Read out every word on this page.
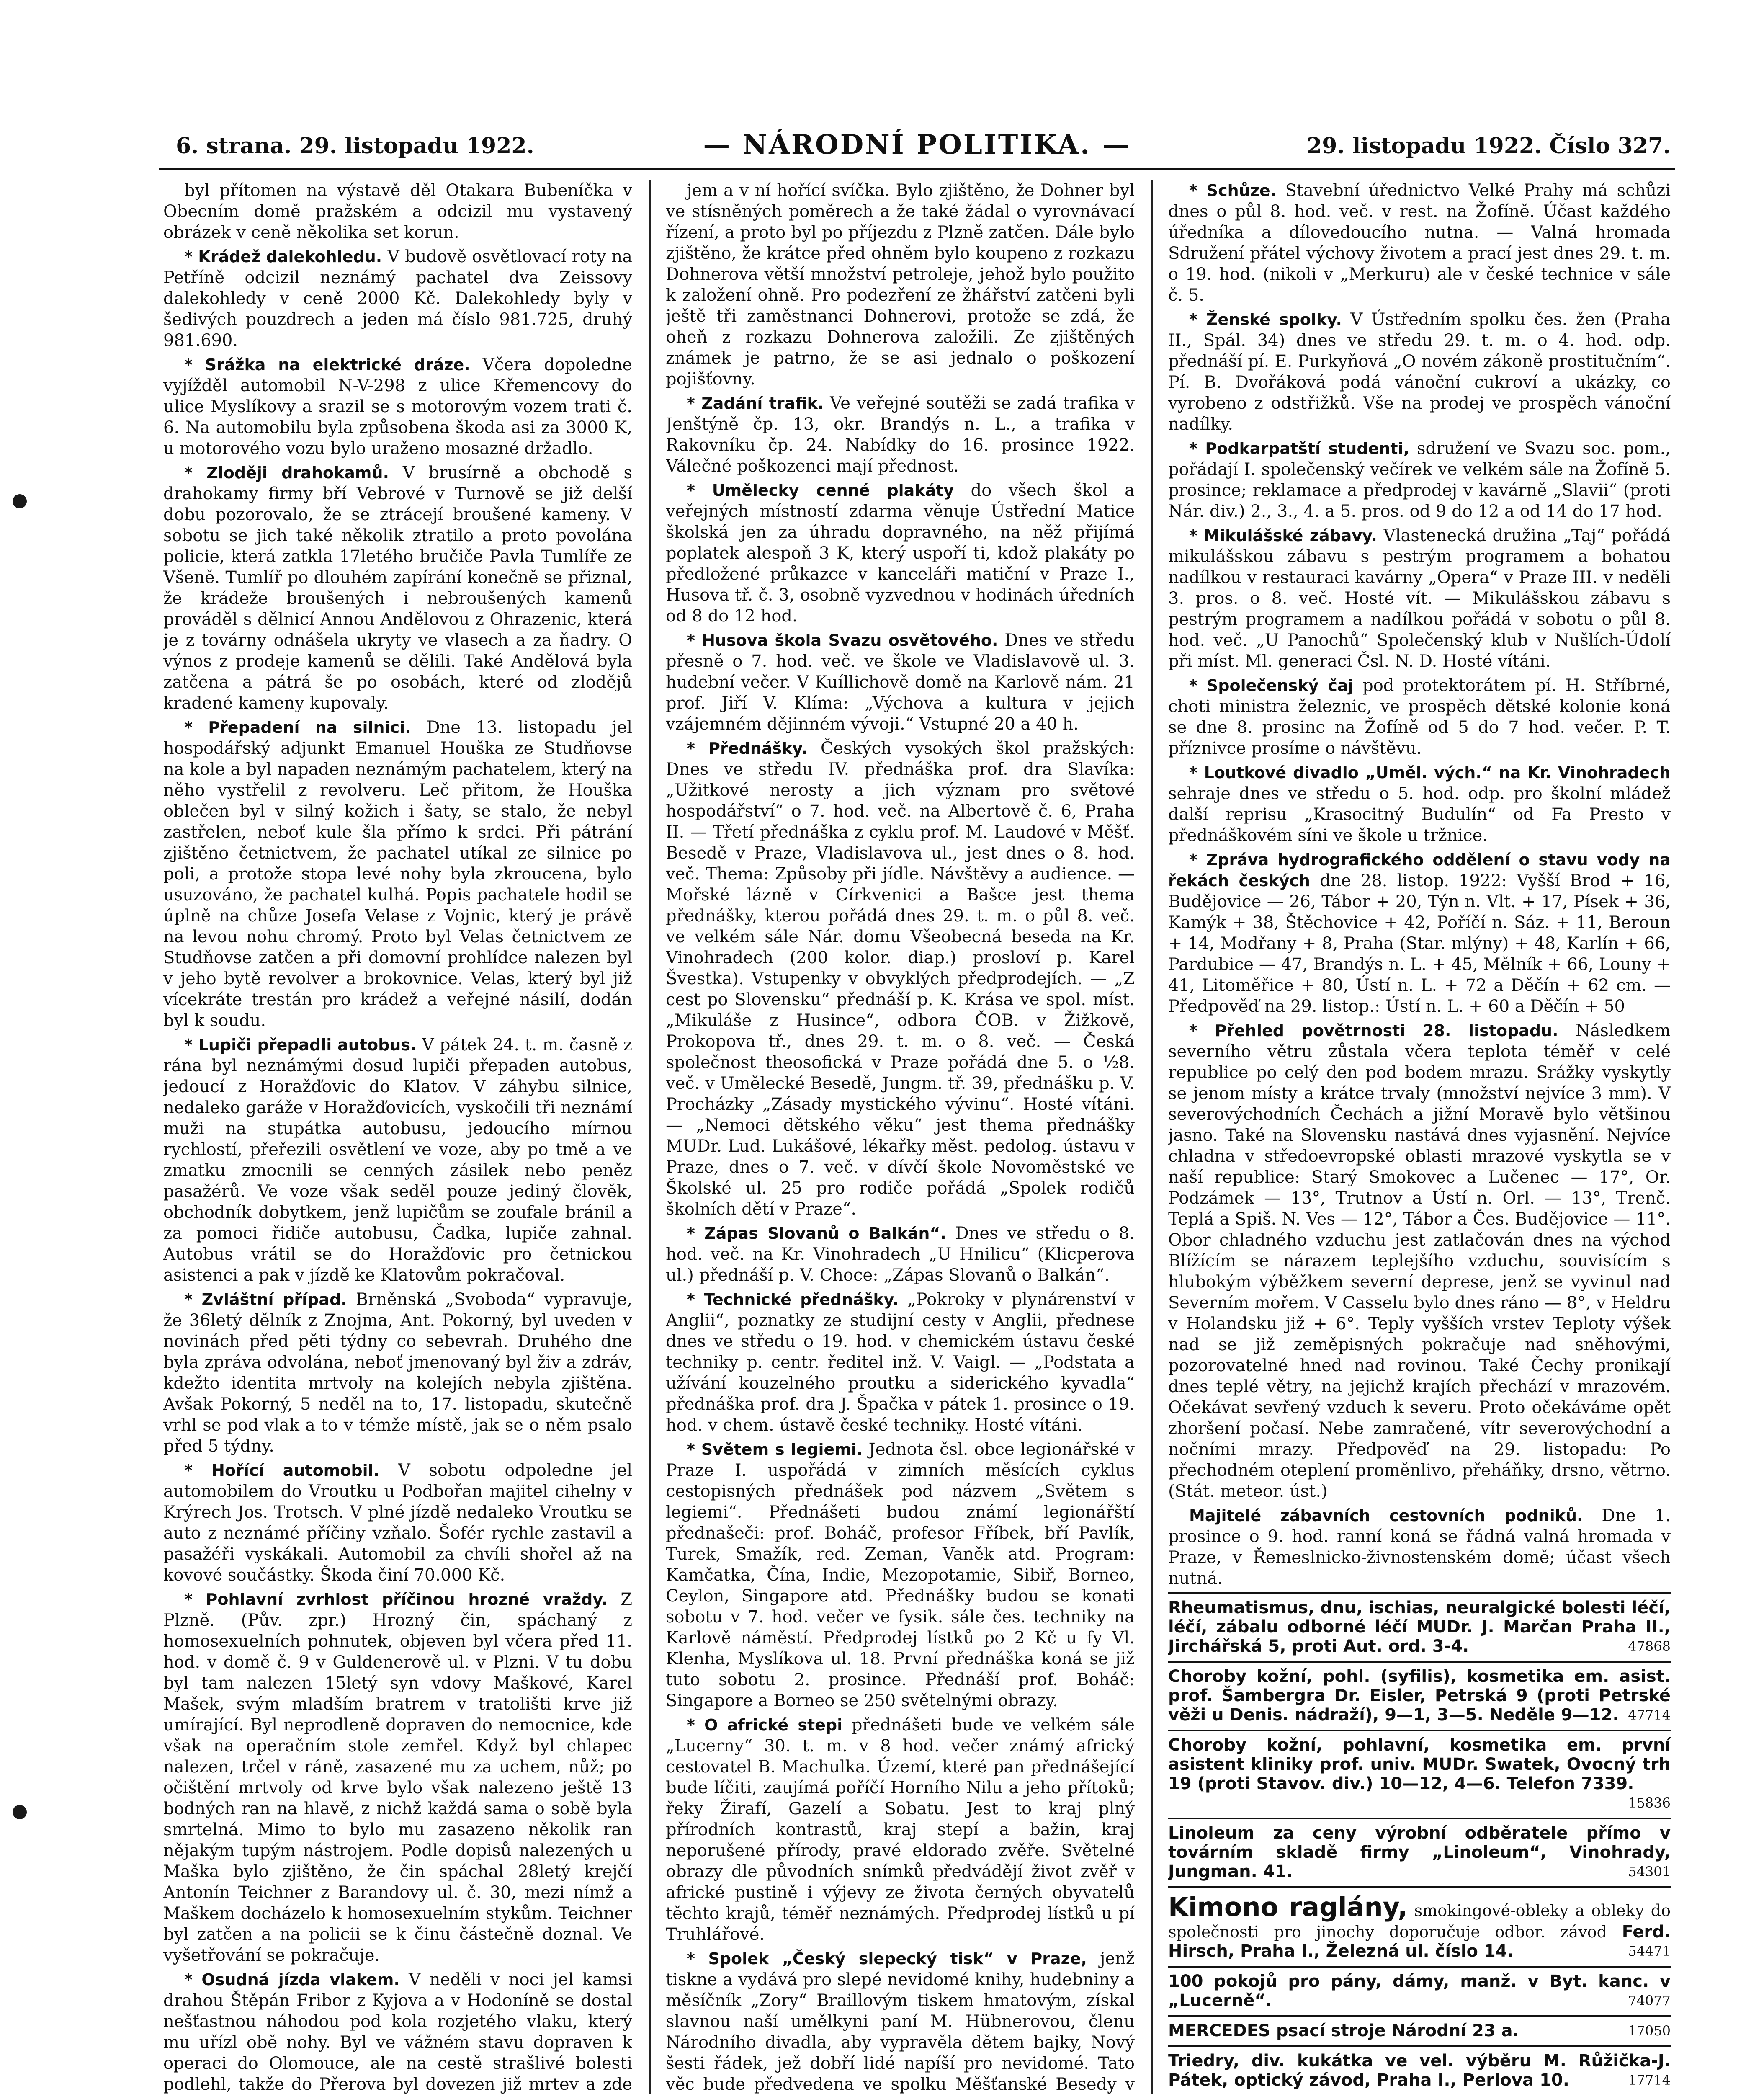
6. strana. 29. listopadu 1922.	— NÁRODNÍ POLITIKA. —	29. listopadu 1922. Číslo 327.

byl přítomen na výstavě děl Otakara Bubeníčka v Obecním domě pražském a odcizil mu vystavený obrázek v ceně několika set korun.

* Krádež dalekohledu. V budově osvětlovací roty na Petříně odcizil neznámý pachatel dva Zeissovy dalekohledy v ceně 2000 Kč. Dalekohledy byly v šedivých pouzdrech a jeden má číslo 981.725, druhý 981.690.

* Srážka na elektrické dráze. Včera dopoledne vyjížděl automobil N-V-298 z ulice Křemencovy do ulice Myslíkovy a srazil se s motorovým vozem trati č. 6. Na automobilu byla způsobena škoda asi za 3000 K, u motorového vozu bylo uraženo mosazné držadlo.

* Zloději drahokamů. V brusírně a obchodě s drahokamy firmy bří Vebrové v Turnově se již delší dobu pozorovalo, že se ztrácejí broušené kameny. V sobotu se jich také několik ztratilo a proto povolána policie, která zatkla 17letého bručiče Pavla Tumlíře ze Všeně. Tumlíř po dlouhém zapírání konečně se přiznal, že krádeže broušených i nebroušených kamenů prováděl s dělnicí Annou Andělovou z Ohrazenic, která je z továrny odnášela ukryty ve vlasech a za ňadry. O výnos z prodeje kamenů se dělili. Také Andělová byla zatčena a pátrá še po osobách, které od zlodějů kradené kameny kupovaly.

* Přepadení na silnici. Dne 13. listopadu jel hospodářský adjunkt Emanuel Houška ze Studňovse na kole a byl napaden neznámým pachatelem, který na něho vystřelil z revolveru. Leč přitom, že Houška oblečen byl v silný kožich i šaty, se stalo, že nebyl zastřelen, neboť kule šla přímo k srdci. Při pátrání zjištěno četnictvem, že pachatel utíkal ze silnice po poli, a protože stopa levé nohy byla zkroucena, bylo usuzováno, že pachatel kulhá. Popis pachatele hodil se úplně na chůze Josefa Velase z Vojnic, který je právě na levou nohu chromý. Proto byl Velas četnictvem ze Studňovse zatčen a při domovní prohlídce nalezen byl v jeho bytě revolver a brokovnice. Velas, který byl již vícekráte trestán pro krádež a veřejné násilí, dodán byl k soudu.

* Lupiči přepadli autobus. V pátek 24. t. m. časně z rána byl neznámými dosud lupiči přepaden autobus, jedoucí z Horažďovic do Klatov. V záhybu silnice, nedaleko garáže v Horažďovicích, vyskočili tři neznámí muži na stupátka autobusu, jedoucího mírnou rychlostí, přeřezili osvětlení ve voze, aby po tmě a ve zmatku zmocnili se cenných zásilek nebo peněz pasažérů. Ve voze však seděl pouze jediný člověk, obchodník dobytkem, jenž lupičům se zoufale bránil a za pomoci řidiče autobusu, Čadka, lupiče zahnal. Autobus vrátil se do Horažďovic pro četnickou asistenci a pak v jízdě ke Klatovům pokračoval.

* Zvláštní případ. Brněnská „Svoboda“ vypravuje, že 36letý dělník z Znojma, Ant. Pokorný, byl uveden v novinách před pěti týdny co sebevrah. Druhého dne byla zpráva odvolána, neboť jmenovaný byl živ a zdráv, kdežto identita mrtvoly na kolejích nebyla zjištěna. Avšak Pokorný, 5 neděl na to, 17. listopadu, skutečně vrhl se pod vlak a to v témže místě, jak se o něm psalo před 5 týdny.

* Hořící automobil. V sobotu odpoledne jel automobilem do Vroutku u Podbořan majitel cihelny v Krýrech Jos. Trotsch. V plné jízdě nedaleko Vroutku se auto z neznámé příčiny vzňalo. Šofér rychle zastavil a pasažéři vyskákali. Automobil za chvíli shořel až na kovové součástky. Škoda činí 70.000 Kč.

* Pohlavní zvrhlost příčinou hrozné vraždy. Z Plzně. (Pův. zpr.) Hrozný čin, spáchaný z homosexuelních pohnutek, objeven byl včera před 11. hod. v domě č. 9 v Guldenerově ul. v Plzni. V tu dobu byl tam nalezen 15letý syn vdovy Maškové, Karel Mašek, svým mladším bratrem v tratolišti krve již umírající. Byl neprodleně dopraven do nemocnice, kde však na operačním stole zemřel. Když byl chlapec nalezen, trčel v ráně, zasazené mu za uchem, nůž; po očištění mrtvoly od krve bylo však nalezeno ještě 13 bodných ran na hlavě, z nichž každá sama o sobě byla smrtelná. Mimo to bylo mu zasazeno několik ran nějakým tupým nástrojem. Podle dopisů nalezených u Maška bylo zjištěno, že čin spáchal 28letý krejčí Antonín Teichner z Barandovy ul. č. 30, mezi nímž a Maškem docházelo k homosexuelním stykům. Teichner byl zatčen a na policii se k činu částečně doznal. Ve vyšetřování se pokračuje.

* Osudná jízda vlakem. V neděli v noci jel kamsi drahou Štěpán Fribor z Kyjova a v Hodoníně se dostal nešťastnou náhodou pod kola rozjetého vlaku, který mu uřízl obě nohy. Byl ve vážném stavu dopraven k operaci do Olomouce, ale na cestě strašlivé bolesti podlehl, takže do Přerova byl dovezen již mrtev a zde

jem a v ní hořící svíčka. Bylo zjištěno, že Dohner byl ve stísněných poměrech a že také žádal o vyrovnávací řízení, a proto byl po příjezdu z Plzně zatčen. Dále bylo zjištěno, že krátce před ohněm bylo koupeno z rozkazu Dohnerova větší množství petroleje, jehož bylo použito k založení ohně. Pro podezření ze žhářství zatčeni byli ještě tři zaměstnanci Dohnerovi, protože se zdá, že oheň z rozkazu Dohnerova založili. Ze zjištěných známek je patrno, že se asi jednalo o poškození pojišťovny.

* Zadání trafik. Ve veřejné soutěži se zadá trafika v Jenštýně čp. 13, okr. Brandýs n. L., a trafika v Rakovníku čp. 24. Nabídky do 16. prosince 1922. Válečné poškozenci mají přednost.

* Umělecky cenné plakáty do všech škol a veřejných místností zdarma věnuje Ústřední Matice školská jen za úhradu dopravného, na něž přijímá poplatek alespoň 3 K, který uspoří ti, kdož plakáty po předložené průkazce v kanceláři matiční v Praze I., Husova tř. č. 3, osobně vyzvednou v hodinách úředních od 8 do 12 hod.

* Husova škola Svazu osvětového. Dnes ve středu přesně o 7. hod. več. ve škole ve Vladislavově ul. 3. hudební večer. V Kuíllichově domě na Karlově nám. 21 prof. Jiří V. Klíma: „Výchova a kultura v jejich vzájemném dějinném vývoji.“ Vstupné 20 a 40 h.

* Přednášky. Českých vysokých škol pražských: Dnes ve středu IV. přednáška prof. dra Slavíka: „Užitkové nerosty a jich význam pro světové hospodářství“ o 7. hod. več. na Albertově č. 6, Praha II. — Třetí přednáška z cyklu prof. M. Laudové v Měšť. Besedě v Praze, Vladislavova ul., jest dnes o 8. hod. več. Thema: Způsoby při jídle. Návštěvy a audience. — Mořské lázně v Církvenici a Bašce jest thema přednášky, kterou pořádá dnes 29. t. m. o půl 8. več. ve velkém sále Nár. domu Všeobecná beseda na Kr. Vinohradech (200 kolor. diap.) prosloví p. Karel Švestka). Vstupenky v obvyklých předprodejích. — „Z cest po Slovensku“ přednáší p. K. Krása ve spol. míst. „Mikuláše z Husince“, odbora ČOB. v Žižkově, Prokopova tř., dnes 29. t. m. o 8. več. — Česká společnost theosofická v Praze pořádá dne 5. o ½8. več. v Umělecké Besedě, Jungm. tř. 39, přednášku p. V. Procházky „Zásady mystického vývinu“. Hosté vítáni. — „Nemoci dětského věku“ jest thema přednášky MUDr. Lud. Lukášové, lékařky měst. pedolog. ústavu v Praze, dnes o 7. več. v dívčí škole Novoměstské ve Školské ul. 25 pro rodiče pořádá „Spolek rodičů školních dětí v Praze“.

* Zápas Slovanů o Balkán“. Dnes ve středu o 8. hod. več. na Kr. Vinohradech „U Hnilicu“ (Klicperova ul.) přednáší p. V. Choce: „Zápas Slovanů o Balkán“.

* Technické přednášky. „Pokroky v plynárenství v Anglii“, poznatky ze studijní cesty v Anglii, přednese dnes ve středu o 19. hod. v chemickém ústavu české techniky p. centr. ředitel inž. V. Vaigl. — „Podstata a užívání kouzelného proutku a siderického kyvadla“ přednáška prof. dra J. Špačka v pátek 1. prosince o 19. hod. v chem. ústavě české techniky. Hosté vítáni.

* Světem s legiemi. Jednota čsl. obce legionářské v Praze I. uspořádá v zimních měsících cyklus cestopisných přednášek pod názvem „Světem s legiemi“. Přednášeti budou známí legionářští přednašeči: prof. Boháč, profesor Fříbek, bří Pavlík, Turek, Smažík, red. Zeman, Vaněk atd. Program: Kamčatka, Čína, Indie, Mezopotamie, Sibiř, Borneo, Ceylon, Singapore atd. Přednášky budou se konati sobotu v 7. hod. večer ve fysik. sále čes. techniky na Karlově náměstí. Předprodej lístků po 2 Kč u fy Vl. Klenha, Myslíkova ul. 18. První přednáška koná se již tuto sobotu 2. prosince. Přednáší prof. Boháč: Singapore a Borneo se 250 světelnými obrazy.

* O africké stepi přednášeti bude ve velkém sále „Lucerny“ 30. t. m. v 8 hod. večer známý africký cestovatel B. Machulka. Území, které pan přednášející bude líčiti, zaujímá poříčí Horního Nilu a jeho přítoků; řeky Žirafí, Gazelí a Sobatu. Jest to kraj plný přírodních kontrastů, kraj stepí a bažin, kraj neporušené přírody, pravé eldorado zvěře. Světelné obrazy dle původních snímků předvádějí život zvěř v africké pustině i výjevy ze života černých obyvatelů těchto krajů, téměř neznámých. Předprodej lístků u pí Truhlářové.

* Spolek „Český slepecký tisk“ v Praze, jenž tiskne a vydává pro slepé nevidomé knihy, hudebniny a měsíčník „Zory“ Braillovým tiskem hmatovým, získal slavnou naší umělkyni paní M. Hübnerovou, členu Národního divadla, aby vypravěla dětem bajky, Nový šesti řádek, jež dobří lidé napíší pro nevidomé. Tato věc bude předvedena ve spolku Měšťanské Besedy v

* Schůze. Stavební úřednictvo Velké Prahy má schůzi dnes o půl 8. hod. več. v rest. na Žofíně. Účast každého úředníka a dílovedoucího nutna. — Valná hromada Sdružení přátel výchovy životem a prací jest dnes 29. t. m. o 19. hod. (nikoli v „Merkuru) ale v české technice v sále č. 5.

* Ženské spolky. V Ústředním spolku čes. žen (Praha II., Spál. 34) dnes ve středu 29. t. m. o 4. hod. odp. přednáší pí. E. Purkyňová „O novém zákoně prostitučním“. Pí. B. Dvořáková podá vánoční cukroví a ukázky, co vyrobeno z odstřižků. Vše na prodej ve prospěch vánoční nadílky.

* Podkarpatští studenti, sdružení ve Svazu soc. pom., pořádají I. společenský večírek ve velkém sále na Žofíně 5. prosince; reklamace a předprodej v kavárně „Slavii“ (proti Nár. div.) 2., 3., 4. a 5. pros. od 9 do 12 a od 14 do 17 hod.

* Mikulášské zábavy. Vlastenecká družina „Taj“ pořádá mikulášskou zábavu s pestrým programem a bohatou nadílkou v restauraci kavárny „Opera“ v Praze III. v neděli 3. pros. o 8. več. Hosté vít. — Mikulášskou zábavu s pestrým programem a nadílkou pořádá v sobotu o půl 8. hod. več. „U Panochů“ Společenský klub v Nušlích-Údolí při míst. Ml. generaci Čsl. N. D. Hosté vítáni.

* Společenský čaj pod protektorátem pí. H. Stříbrné, choti ministra železnic, ve prospěch dětské kolonie koná se dne 8. prosinc na Žofíně od 5 do 7 hod. večer. P. T. příznivce prosíme o návštěvu.

* Loutkové divadlo „Uměl. vých.“ na Kr. Vinohradech sehraje dnes ve středu o 5. hod. odp. pro školní mládež další reprisu „Krasocitný Budulín“ od Fa Presto v přednáškovém síni ve škole u tržnice.

* Zpráva hydrografického oddělení o stavu vody na řekách českých dne 28. listop. 1922: Vyšší Brod + 16, Budějovice — 26, Tábor + 20, Týn n. Vlt. + 17, Písek + 36, Kamýk + 38, Štěchovice + 42, Poříčí n. Sáz. + 11, Beroun + 14, Modřany + 8, Praha (Star. mlýny) + 48, Karlín + 66, Pardubice — 47, Brandýs n. L. + 45, Mělník + 66, Louny + 41, Litoměřice + 80, Ústí n. L. + 72 a Děčín + 62 cm. — Předpověď na 29. listop.: Ústí n. L. + 60 a Děčín + 50

* Přehled povětrnosti 28. listopadu. Následkem severního větru zůstala včera teplota téměř v celé republice po celý den pod bodem mrazu. Srážky vyskytly se jenom místy a krátce trvaly (množství nejvíce 3 mm). V severovýchodních Čechách a jižní Moravě bylo většinou jasno. Také na Slovensku nastává dnes vyjasnění. Nejvíce chladna v středoevropské oblasti mrazové vyskytla se v naší republice: Starý Smokovec a Lučenec — 17°, Or. Podzámek — 13°, Trutnov a Ústí n. Orl. — 13°, Trenč. Teplá a Spiš. N. Ves — 12°, Tábor a Čes. Budějovice — 11°. Obor chladného vzduchu jest zatlačován dnes na východ Blížícím se nárazem teplejšího vzduchu, souvisícím s hlubokým výběžkem severní deprese, jenž se vyvinul nad Severním mořem. V Casselu bylo dnes ráno — 8°, v Heldru v Holandsku již + 6°. Teply vyšších vrstev Teploty výšek nad se již zeměpisných pokračuje nad sněhovými, pozorovatelné hned nad rovinou. Také Čechy pronikají dnes teplé větry, na jejichž krajích přechází v mrazovém. Očekávat sevřený vzduch k severu. Proto očekáváme opět zhoršení počasí. Nebe zamračené, vítr severovýchodní a nočními mrazy. Předpověď na 29. listopadu: Po přechodném oteplení proměnlivo, přeháňky, drsno, větrno. (Stát. meteor. úst.)

Majitelé zábavních cestovních podniků. Dne 1. prosince o 9. hod. ranní koná se řádná valná hromada v Praze, v Řemeslnicko-živnostenském domě; účast všech nutná.

Rheumatismus, dnu, ischias, neuralgické bolesti léčí, léčí, zábalu odborné léčí MUDr. J. Marčan Praha II., Jirchářská 5, proti Aut. ord. 3-4.	47868
Choroby kožní, pohl. (syfilis), kosmetika em. asist. prof. Šambergra Dr. Eisler, Petrská 9 (proti Petrské věži u Denis. nádraží), 9—1, 3—5. Neděle 9—12. 47714
Choroby kožní, pohlavní, kosmetika em. první asistent kliniky prof. univ. MUDr. Swatek, Ovocný trh 19 (proti Stavov. div.) 10—12, 4—6. Telefon 7339.
15836
Linoleum za ceny výrobní odběratele přímo v továrním skladě firmy „Linoleum“, Vinohrady, Jungman. 41.	54301
Kimono raglány, smokingové-obleky a obleky do společnosti pro jinochy doporučuje odbor. závod Ferd. Hirsch, Praha I., Železná ul. číslo 14.	54471
100 pokojů pro pány, dámy, manž. v Byt. kanc. v „Lucerně“.	74077
MERCEDES psací stroje Národní 23 a.	17050
Triedry, div. kukátka ve vel. výběru M. Růžička-J. Pátek, optický závod, Praha I., Perlova 10.	17714
